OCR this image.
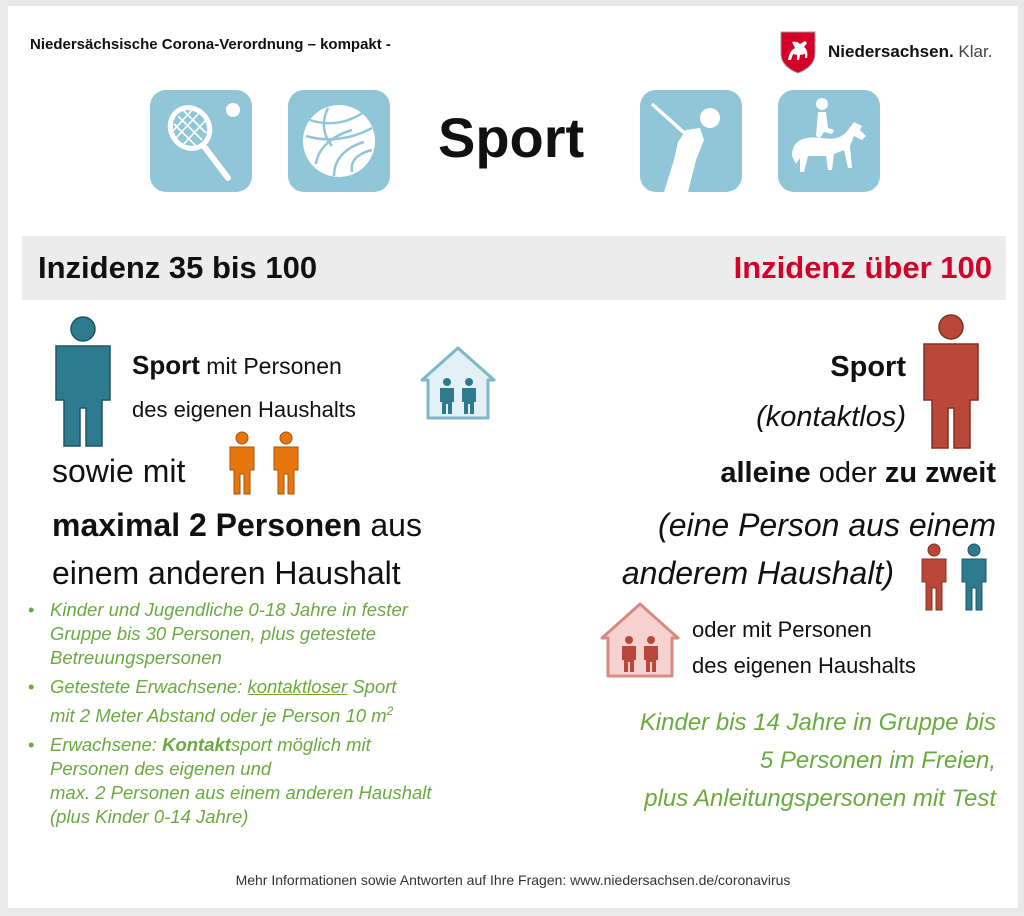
Niedersächsische Corona-Verordnung – kompakt -	Niedersachsen. Klar.
Sport
Inzidenz 35 bis 100	Inzidenz über 100
Sport mit Personen
des eigenen Haushalts
sowie mit
maximal 2 Personen aus
einem anderen Haushalt
• Kinder und Jugendliche 0-18 Jahre in fester
Gruppe bis 30 Personen, plus getestete
Betreuungspersonen
• Getestete Erwachsene: kontaktloser Sport
mit 2 Meter Abstand oder je Person 10 $m^2$
• Erwachsene: Kontaktsport möglich mit
Personen des eigenen und
max. 2 Personen aus einem anderen Haushalt
(plus Kinder 0-14 Jahre)
Sport
(kontaktlos)
alleine oder zu zweit
(eine Person aus einem
anderem Haushalt)
oder mit Personen
des eigenen Haushalts
Kinder bis 14 Jahre in Gruppe bis
5 Personen im Freien,
plus Anleitungspersonen mit Test
Mehr Informationen sowie Antworten auf Ihre Fragen: www.niedersachsen.de/coronavirus
